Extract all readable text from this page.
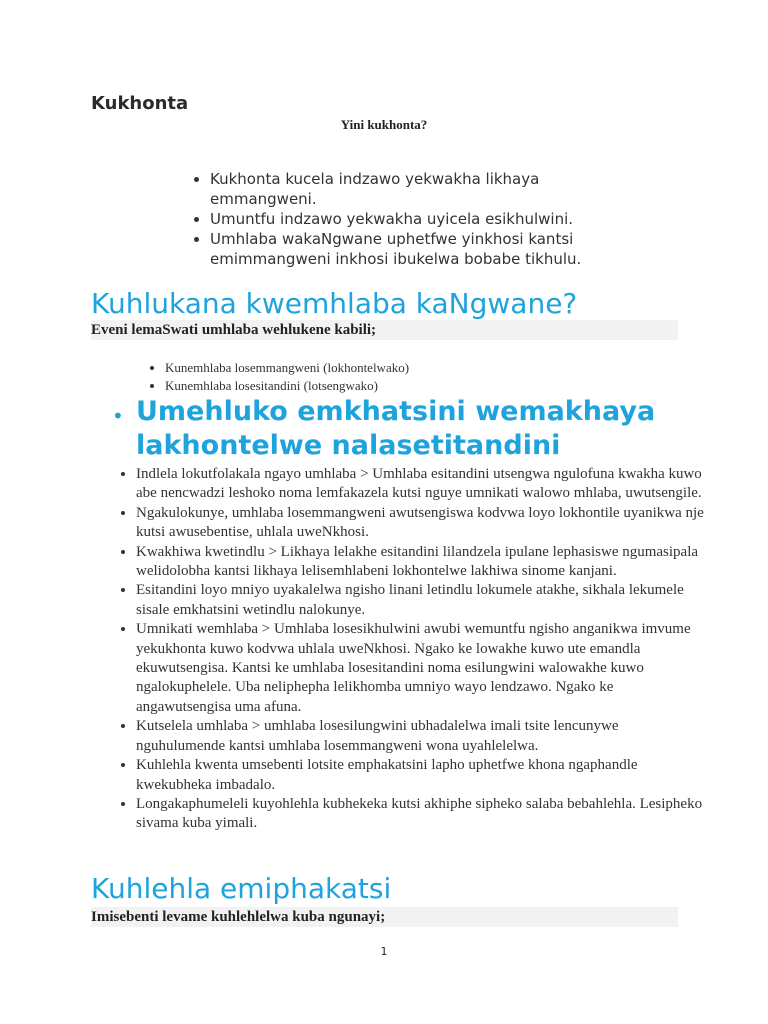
Kukhonta

Yini kukhonta?

• Kukhonta kucela indzawo yekwakha likhaya emmangweni.
• Umuntfu indzawo yekwakha uyicela esikhulwini.
• Umhlaba wakaNgwane uphetfwe yinkhosi kantsi emimmangweni inkhosi ibukelwa bobabe tikhulu.
Kuhlukana kwemhlaba kaNgwane?
Eveni lemaSwati umhlaba wehlukene kabili;
• Kunemhlaba losemmangweni (lokhontelwako)
• Kunemhlaba losesitandini (lotsengwako)
• Umehluko emkhatsini wemakhaya lakhontelwe nalasetitandini
• Indlela lokutfolakala ngayo umhlaba > Umhlaba esitandini utsengwa ngulofuna kwakha kuwo abe nencwadzi leshoko noma lemfakazela kutsi nguye umnikati walowo mhlaba, uwutsengile.
• Ngakulokunye, umhlaba losemmangweni awutsengiswa kodvwa loyo lokhontile uyanikwa nje kutsi awusebentise, uhlala uweNkhosi.
• Kwakhiwa kwetindlu > Likhaya lelakhe esitandini lilandzela ipulane lephasiswe ngumasipala welidolobha kantsi likhaya lelisemhlabeni lokhontelwe lakhiwa sinome kanjani.
• Esitandini loyo mniyo uyakalelwa ngisho linani letindlu lokumele atakhe, sikhala lekumele sisale emkhatsini wetindlu nalokunye.
• Umnikati wemhlaba > Umhlaba losesikhulwini awubi wemuntfu ngisho anganikwa imvume yekukhonta kuwo kodvwa uhlala uweNkhosi. Ngako ke lowakhe kuwo ute emandla ekuwutsengisa. Kantsi ke umhlaba losesitandini noma esilungwini walowakhe kuwo ngalokuphelele. Uba neliphepha lelikhomba umniyo wayo lendzawo. Ngako ke angawutsengisa uma afuna.
• Kutselela umhlaba > umhlaba losesilungwini ubhadalelwa imali tsite lencunywe nguhulumende kantsi umhlaba losemmangweni wona uyahlelelwa.
• Kuhlehla kwenta umsebenti lotsite emphakatsini lapho uphetfwe khona ngaphandle kwekubheka imbadalo.
• Longakaphumeleli kuyohlehla kubhekeka kutsi akhiphe sipheko salaba bebahlehla. Lesipheko sivama kuba yimali.
Kuhlehla emiphakatsi
Imisebenti levame kuhlehlelwa kuba ngunayi;
1
